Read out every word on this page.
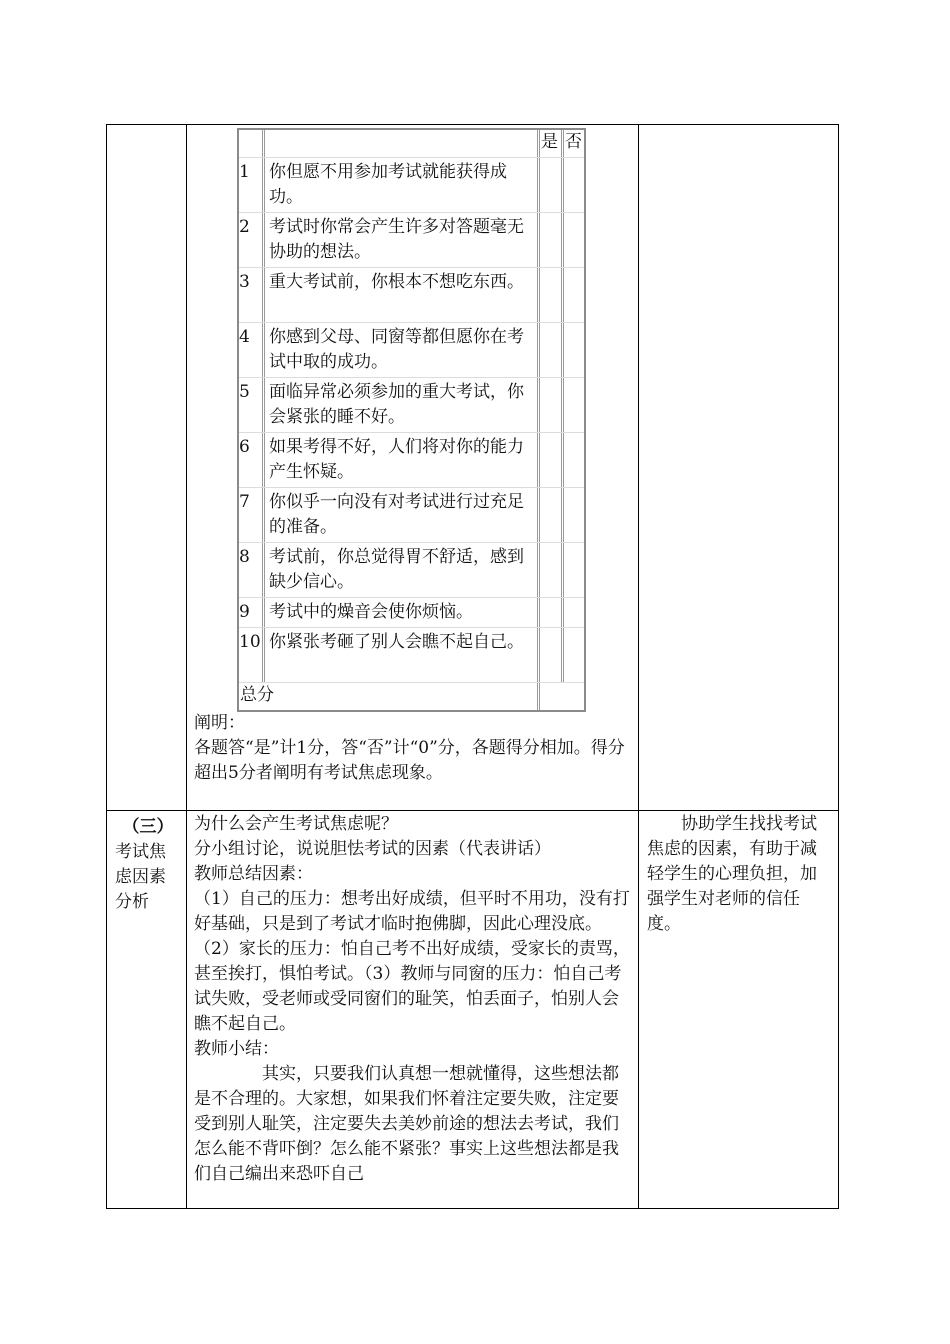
是 否
1 你但愿不用参加考试就能获得成功。
2 考试时你常会产生许多对答题毫无协助的想法。
3 重大考试前，你根本不想吃东西。
4 你感到父母、同窗等都但愿你在考试中取的成功。
5 面临异常必须参加的重大考试，你会紧张的睡不好。
6 如果考得不好，人们将对你的能力产生怀疑。
7 你似乎一向没有对考试进行过充足的准备。
8 考试前，你总觉得胃不舒适，感到缺少信心。
9 考试中的燥音会使你烦恼。
10 你紧张考砸了别人会瞧不起自己。
总分
阐明：
各题答“是”计1分，答“否”计“0”分，各题得分相加。得分超出5分者阐明有考试焦虑现象。
（三）
考试焦虑因素分析
为什么会产生考试焦虑呢？
分小组讨论，说说胆怯考试的因素（代表讲话）
教师总结因素：
（1）自己的压力：想考出好成绩，但平时不用功，没有打好基础，只是到了考试才临时抱佛脚，因此心理没底。
（2）家长的压力：怕自己考不出好成绩，受家长的责骂，甚至挨打，惧怕考试。（3）教师与同窗的压力：怕自己考试失败，受老师或受同窗们的耻笑，怕丢面子，怕别人会瞧不起自己。
教师小结：
其实，只要我们认真想一想就懂得，这些想法都是不合理的。大家想，如果我们怀着注定要失败，注定要受到别人耻笑，注定要失去美妙前途的想法去考试，我们怎么能不背吓倒？怎么能不紧张？事实上这些想法都是我们自己编出来恐吓自己
协助学生找找考试焦虑的因素，有助于减轻学生的心理负担，加强学生对老师的信任度。
